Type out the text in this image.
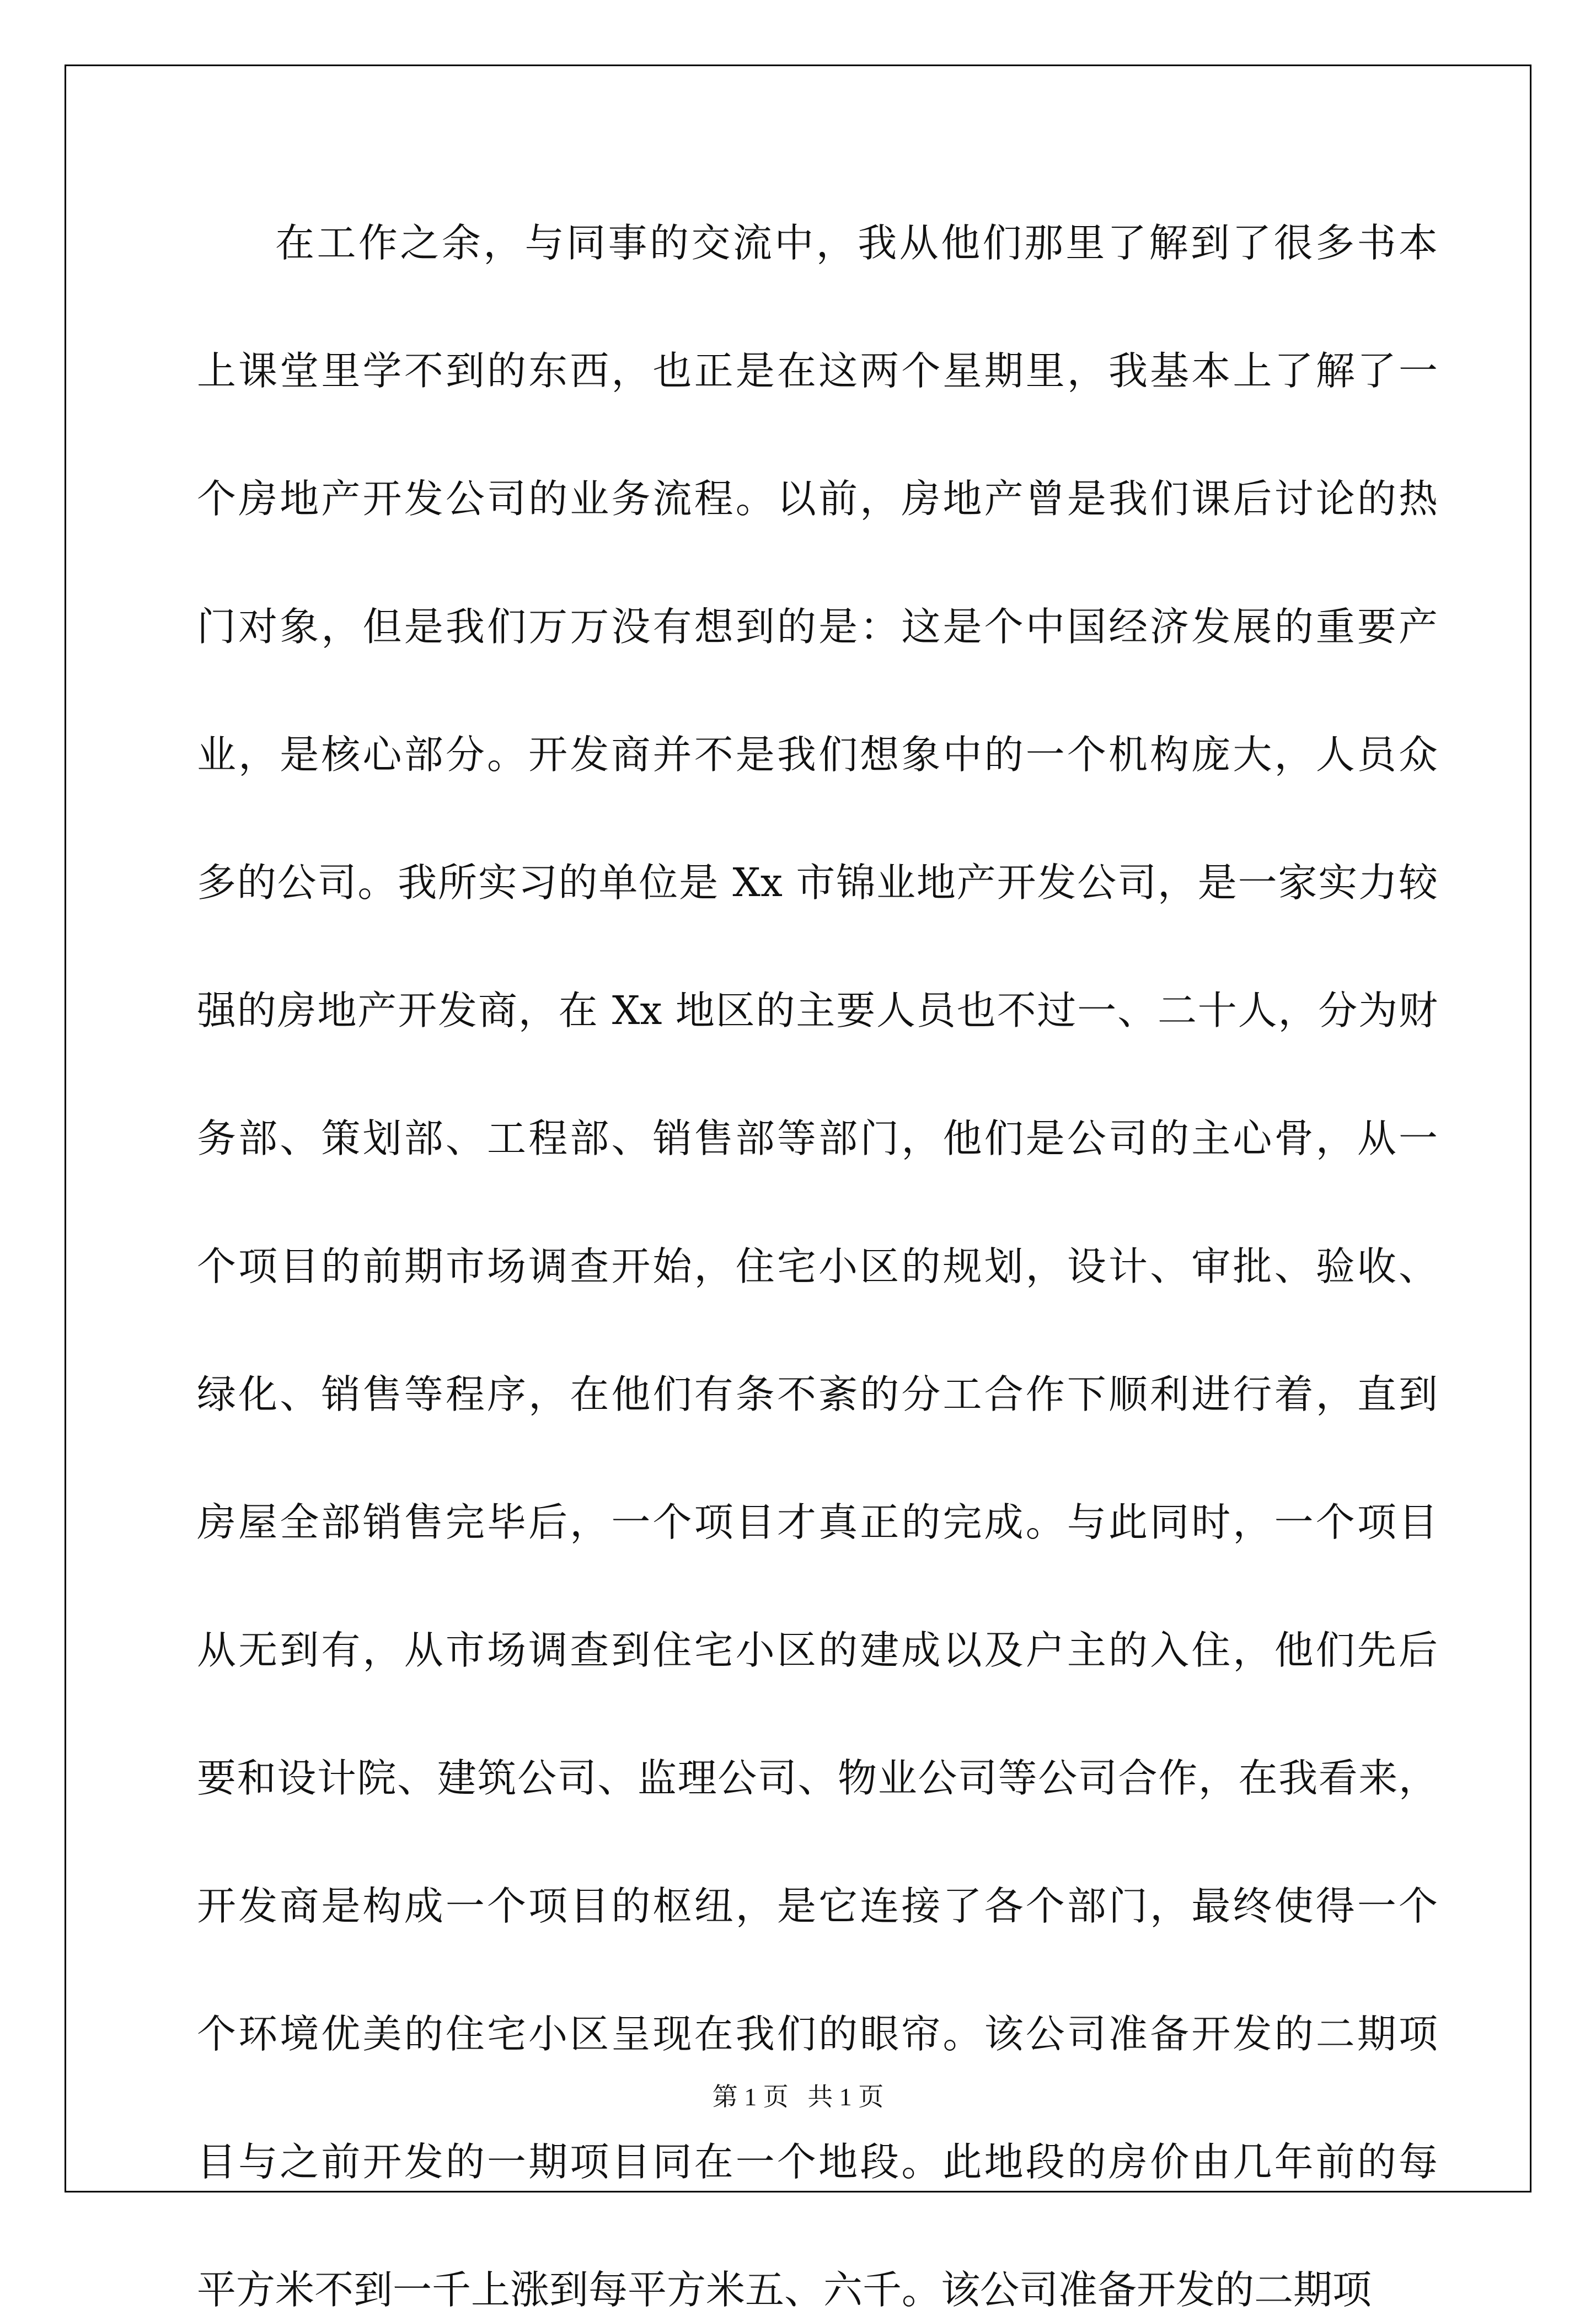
在工作之余，与同事的交流中，我从他们那里了解到了很多书本
上课堂里学不到的东西，也正是在这两个星期里，我基本上了解了一
个房地产开发公司的业务流程。以前，房地产曾是我们课后讨论的热
门对象，但是我们万万没有想到的是：这是个中国经济发展的重要产
业，是核心部分。开发商并不是我们想象中的一个机构庞大，人员众
多的公司。我所实习的单位是 Xx 市锦业地产开发公司，是一家实力较
强的房地产开发商，在 Xx 地区的主要人员也不过一、二十人，分为财
务部、策划部、工程部、销售部等部门，他们是公司的主心骨，从一
个项目的前期市场调查开始，住宅小区的规划，设计、审批、验收、
绿化、销售等程序，在他们有条不紊的分工合作下顺利进行着，直到
房屋全部销售完毕后，一个项目才真正的完成。与此同时，一个项目
从无到有，从市场调查到住宅小区的建成以及户主的入住，他们先后
要和设计院、建筑公司、监理公司、物业公司等公司合作，在我看来，
开发商是构成一个项目的枢纽，是它连接了各个部门，最终使得一个
个环境优美的住宅小区呈现在我们的眼帘。该公司准备开发的二期项
目与之前开发的一期项目同在一个地段。此地段的房价由几年前的每
平方米不到一千上涨到每平方米五、六千。该公司准备开发的二期项
第 1 页 共 1 页
